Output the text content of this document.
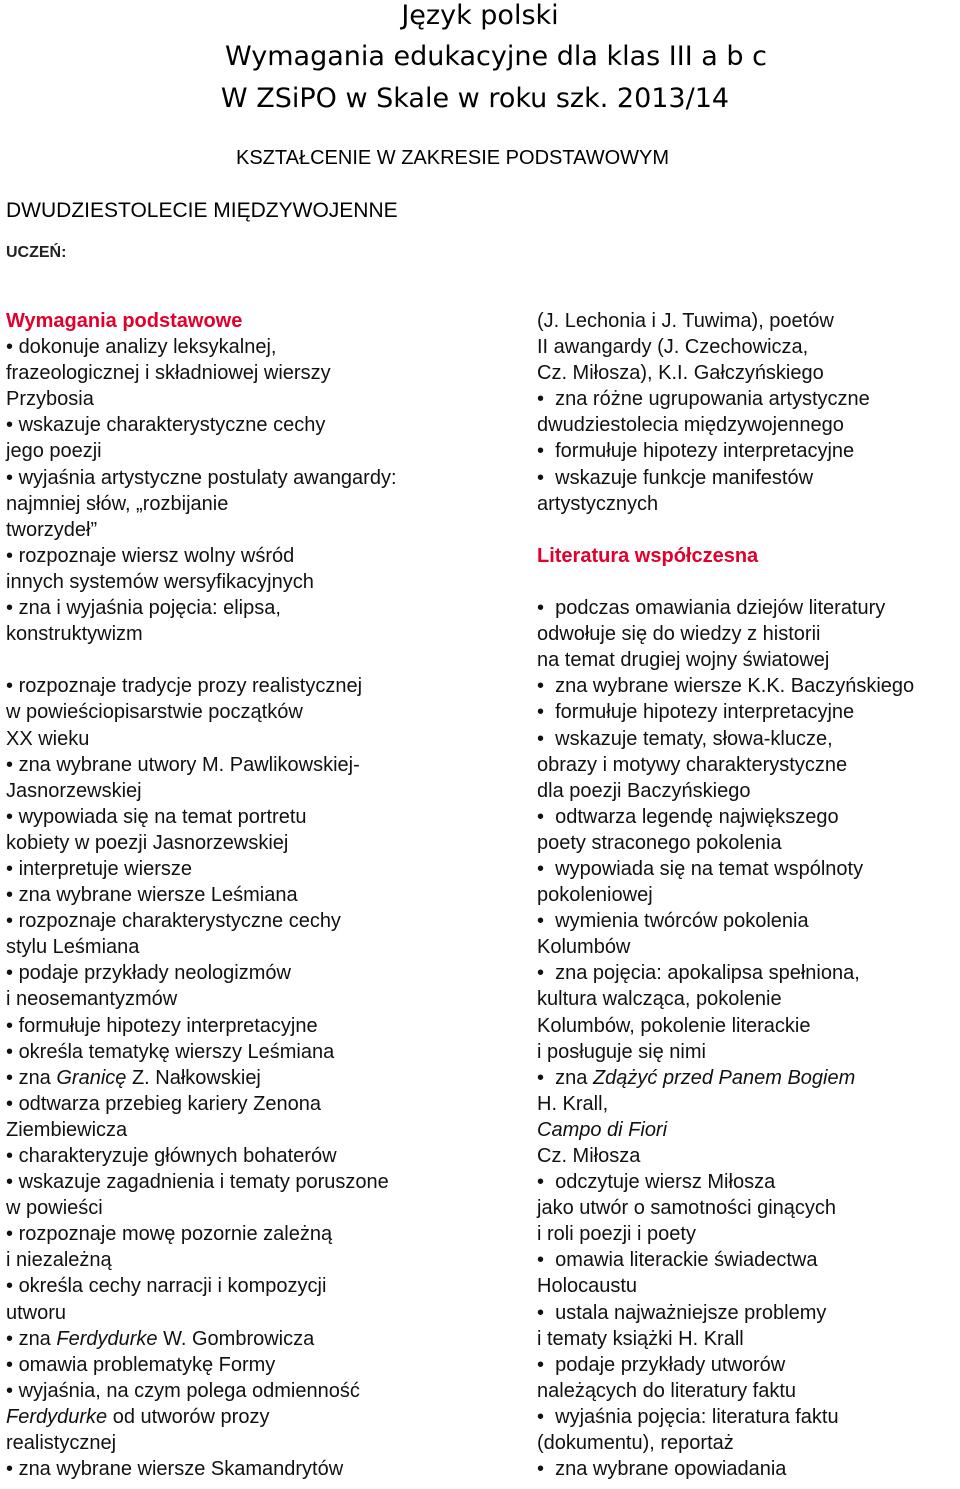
Język polski
Wymagania edukacyjne dla klas III a b c
W ZSiPO w Skale w roku szk. 2013/14
KSZTAŁCENIE W ZAKRESIE PODSTAWOWYM
DWUDZIESTOLECIE MIĘDZYWOJENNE
UCZEŃ:
Wymagania podstawowe
• dokonuje analizy leksykalnej,
frazeologicznej i składniowej wierszy
Przybosia
• wskazuje charakterystyczne cechy
jego poezji
• wyjaśnia artystyczne postulaty awangardy:
najmniej słów, „rozbijanie
tworzydeł”
• rozpoznaje wiersz wolny wśród
innych systemów wersyfikacyjnych
• zna i wyjaśnia pojęcia: elipsa,
konstruktywizm
• rozpoznaje tradycje prozy realistycznej
w powieściopisarstwie początków
XX wieku
• zna wybrane utwory M. Pawlikowskiej-
Jasnorzewskiej
• wypowiada się na temat portretu
kobiety w poezji Jasnorzewskiej
• interpretuje wiersze
• zna wybrane wiersze Leśmiana
• rozpoznaje charakterystyczne cechy
stylu Leśmiana
• podaje przykłady neologizmów
i neosemantyzmów
• formułuje hipotezy interpretacyjne
• określa tematykę wierszy Leśmiana
• zna Granicę Z. Nałkowskiej
• odtwarza przebieg kariery Zenona
Ziembiewicza
• charakteryzuje głównych bohaterów
• wskazuje zagadnienia i tematy poruszone
w powieści
• rozpoznaje mowę pozornie zależną
i niezależną
• określa cechy narracji i kompozycji
utworu
• zna Ferdydurke W. Gombrowicza
• omawia problematykę Formy
• wyjaśnia, na czym polega odmienność
Ferdydurke od utworów prozy
realistycznej
• zna wybrane wiersze Skamandrytów
(J. Lechonia i J. Tuwima), poetów
II awangardy (J. Czechowicza,
Cz. Miłosza), K.I. Gałczyńskiego
•  zna różne ugrupowania artystyczne
dwudziestolecia międzywojennego
•  formułuje hipotezy interpretacyjne
•  wskazuje funkcje manifestów
artystycznych
Literatura współczesna
•  podczas omawiania dziejów literatury
odwołuje się do wiedzy z historii
na temat drugiej wojny światowej
•  zna wybrane wiersze K.K. Baczyńskiego
•  formułuje hipotezy interpretacyjne
•  wskazuje tematy, słowa-klucze,
obrazy i motywy charakterystyczne
dla poezji Baczyńskiego
•  odtwarza legendę największego
poety straconego pokolenia
•  wypowiada się na temat wspólnoty
pokoleniowej
•  wymienia twórców pokolenia
Kolumbów
•  zna pojęcia: apokalipsa spełniona,
kultura walcząca, pokolenie
Kolumbów, pokolenie literackie
i posługuje się nimi
•  zna Zdążyć przed Panem Bogiem
H. Krall,
Campo di Fiori
Cz. Miłosza
•  odczytuje wiersz Miłosza
jako utwór o samotności ginących
i roli poezji i poety
•  omawia literackie świadectwa
Holocaustu
•  ustala najważniejsze problemy
i tematy książki H. Krall
•  podaje przykłady utworów
należących do literatury faktu
•  wyjaśnia pojęcia: literatura faktu
(dokumentu), reportaż
•  zna wybrane opowiadania
